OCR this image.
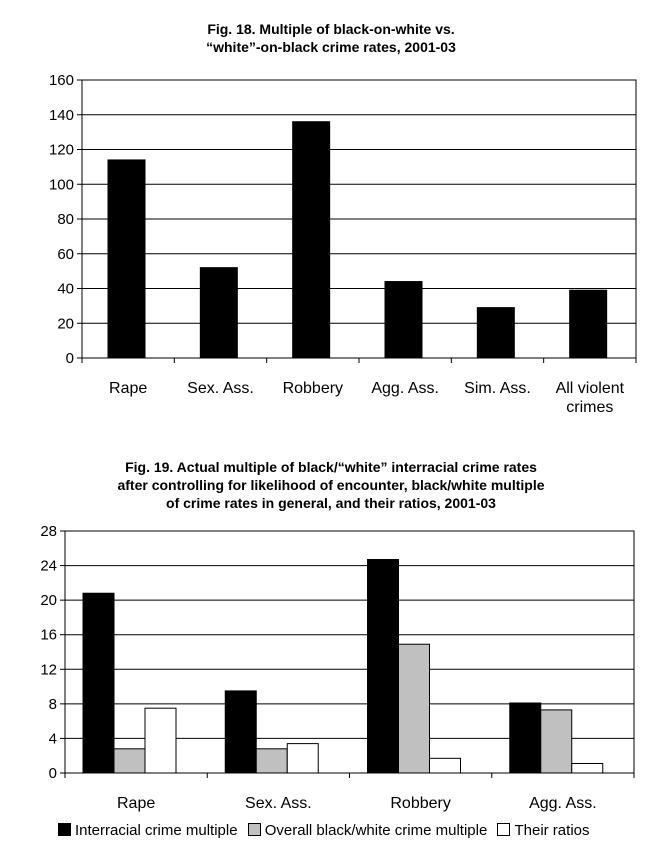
Fig. 18. Multiple of black-on-white vs.
“white”-on-black crime rates, 2001-03
0
20
40
60
80
100
120
140
160
Rape Sex. Ass. Robbery Agg. Ass. Sim. Ass. All violent
crimes
Fig. 19. Actual multiple of black/“white” interracial crime rates
after controlling for likelihood of encounter, black/white multiple
of crime rates in general, and their ratios, 2001-03
0
4
8
12
16
20
24
28
Rape	Sex. Ass.	Robbery	Agg. Ass.
Interracial crime multiple Overall black/white crime multiple Their ratios
